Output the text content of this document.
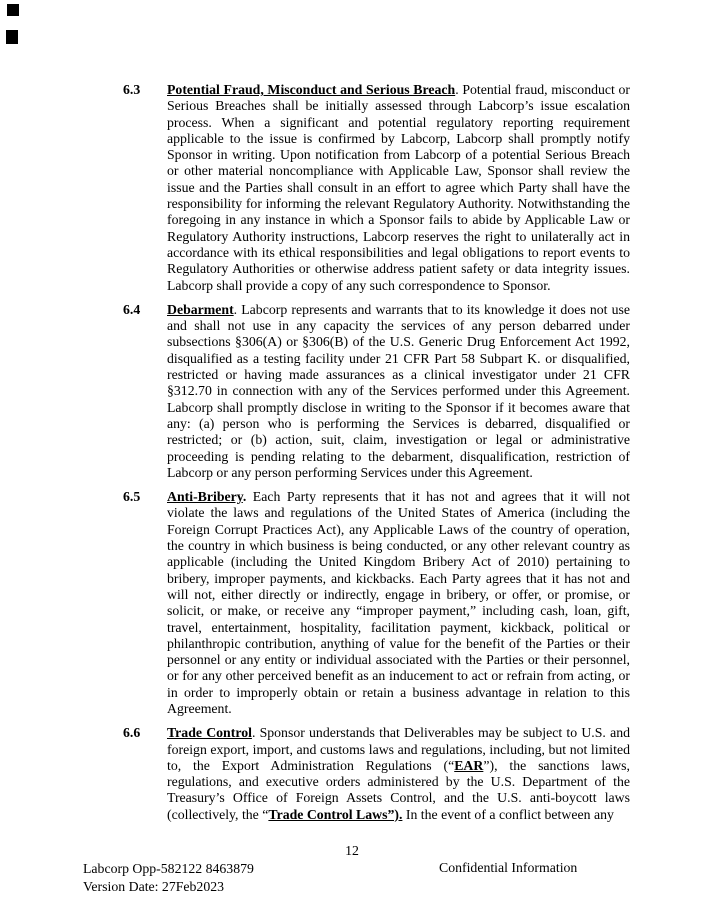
6.3	Potential Fraud, Misconduct and Serious Breach. Potential fraud, misconduct or Serious Breaches shall be initially assessed through Labcorp’s issue escalation process. When a significant and potential regulatory reporting requirement applicable to the issue is confirmed by Labcorp, Labcorp shall promptly notify Sponsor in writing. Upon notification from Labcorp of a potential Serious Breach or other material noncompliance with Applicable Law, Sponsor shall review the issue and the Parties shall consult in an effort to agree which Party shall have the responsibility for informing the relevant Regulatory Authority. Notwithstanding the foregoing in any instance in which a Sponsor fails to abide by Applicable Law or Regulatory Authority instructions, Labcorp reserves the right to unilaterally act in accordance with its ethical responsibilities and legal obligations to report events to Regulatory Authorities or otherwise address patient safety or data integrity issues. Labcorp shall provide a copy of any such correspondence to Sponsor.
6.4	Debarment. Labcorp represents and warrants that to its knowledge it does not use and shall not use in any capacity the services of any person debarred under subsections §306(A) or §306(B) of the U.S. Generic Drug Enforcement Act 1992, disqualified as a testing facility under 21 CFR Part 58 Subpart K. or disqualified, restricted or having made assurances as a clinical investigator under 21 CFR §312.70 in connection with any of the Services performed under this Agreement. Labcorp shall promptly disclose in writing to the Sponsor if it becomes aware that any: (a) person who is performing the Services is debarred, disqualified or restricted; or (b) action, suit, claim, investigation or legal or administrative proceeding is pending relating to the debarment, disqualification, restriction of Labcorp or any person performing Services under this Agreement.
6.5	Anti-Bribery. Each Party represents that it has not and agrees that it will not violate the laws and regulations of the United States of America (including the Foreign Corrupt Practices Act), any Applicable Laws of the country of operation, the country in which business is being conducted, or any other relevant country as applicable (including the United Kingdom Bribery Act of 2010) pertaining to bribery, improper payments, and kickbacks. Each Party agrees that it has not and will not, either directly or indirectly, engage in bribery, or offer, or promise, or solicit, or make, or receive any “improper payment,” including cash, loan, gift, travel, entertainment, hospitality, facilitation payment, kickback, political or philanthropic contribution, anything of value for the benefit of the Parties or their personnel or any entity or individual associated with the Parties or their personnel, or for any other perceived benefit as an inducement to act or refrain from acting, or in order to improperly obtain or retain a business advantage in relation to this Agreement.
6.6	Trade Control. Sponsor understands that Deliverables may be subject to U.S. and foreign export, import, and customs laws and regulations, including, but not limited to, the Export Administration Regulations (“EAR”), the sanctions laws, regulations, and executive orders administered by the U.S. Department of the Treasury’s Office of Foreign Assets Control, and the U.S. anti-boycott laws (collectively, the “Trade Control Laws”). In the event of a conflict between any
12
Labcorp Opp-582122 8463879
Version Date: 27Feb2023
Confidential Information
